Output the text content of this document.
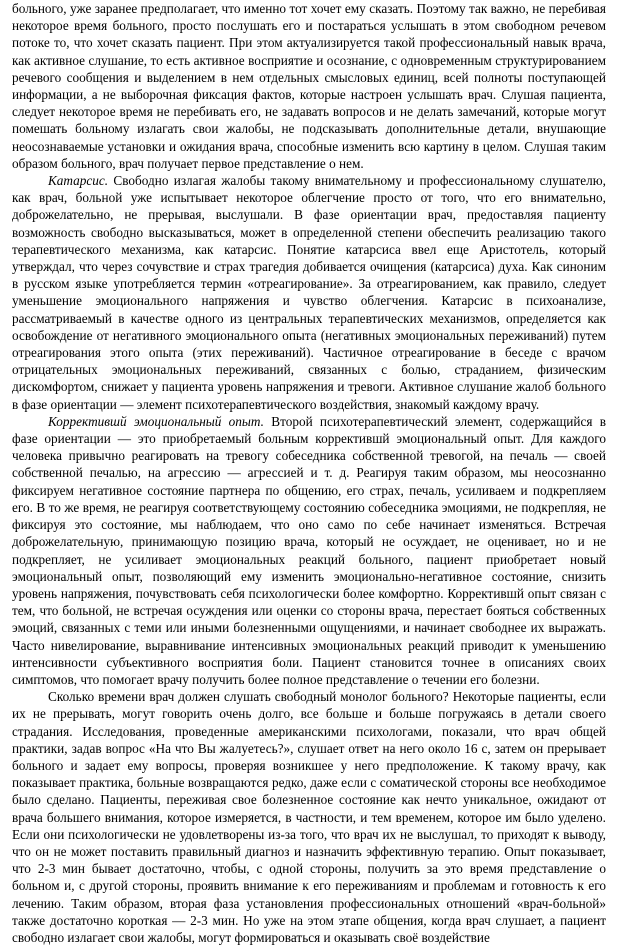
больного, уже заранее предполагает, что именно тот хочет ему сказать. Поэтому так важно, не перебивая некоторое время больного, просто послушать его и постараться услышать в этом свободном речевом потоке то, что хочет сказать пациент. При этом актуализируется такой профессиональный навык врача, как активное слушание, то есть активное восприятие и осознание, с одновременным структурированием речевого сообщения и выделением в нем отдельных смысловых единиц, всей полноты поступающей информации, а не выборочная фиксация фактов, которые настроен услышать врач. Слушая пациента, следует некоторое время не перебивать его, не задавать вопросов и не делать замечаний, которые могут помешать больному излагать свои жалобы, не подсказывать дополнительные детали, внушающие неосознаваемые установки и ожидания врача, способные изменить всю картину в целом. Слушая таким образом больного, врач получает первое представление о нем.

Катарсис. Свободно излагая жалобы такому внимательному и профессиональному слушателю, как врач, больной уже испытывает некоторое облегчение просто от того, что его внимательно, доброжелательно, не прерывая, выслушали. В фазе ориентации врач, предоставляя пациенту возможность свободно высказываться, может в определенной степени обеспечить реализацию такого терапевтического механизма, как катарсис. Понятие катарсиса ввел еще Аристотель, который утверждал, что через сочувствие и страх трагедия добивается очищения (катарсиса) духа. Как синоним в русском языке употребляется термин «отреагирование». За отреагированием, как правило, следует уменьшение эмоционального напряжения и чувство облегчения. Катарсис в психоанализе, рассматриваемый в качестве одного из центральных терапевтических механизмов, определяется как освобождение от негативного эмоционального опыта (негативных эмоциональных переживаний) путем отреагирования этого опыта (этих переживаний). Частичное отреагирование в беседе с врачом отрицательных эмоциональных переживаний, связанных с болью, страданием, физическим дискомфортом, снижает у пациента уровень напряжения и тревоги. Активное слушание жалоб больного в фазе ориентации — элемент психотерапевтического воздействия, знакомый каждому врачу.

Корректившй эмоциональный опыт. Второй психотерапевтический элемент, содержащийся в фазе ориентации — это приобретаемый больным корректившй эмоциональный опыт. Для каждого человека привычно реагировать на тревогу собеседника собственной тревогой, на печаль — своей собственной печалью, на агрессию — агрессией и т. д. Реагируя таким образом, мы неосознанно фиксируем негативное состояние партнера по общению, его страх, печаль, усиливаем и подкрепляем его. В то же время, не реагируя соответствующему состоянию собеседника эмоциями, не подкрепляя, не фиксируя это состояние, мы наблюдаем, что оно само по себе начинает изменяться. Встречая доброжелательную, принимающую позицию врача, который не осуждает, не оценивает, но и не подкрепляет, не усиливает эмоциональных реакций больного, пациент приобретает новый эмоциональный опыт, позволяющий ему изменить эмоционально-негативное состояние, снизить уровень напряжения, почувствовать себя психологически более комфортно. Корректившй опыт связан с тем, что больной, не встречая осуждения или оценки со стороны врача, перестает бояться собственных эмоций, связанных с теми или иными болезненными ощущениями, и начинает свободнее их выражать. Часто нивелирование, выравнивание интенсивных эмоциональных реакций приводит к уменьшению интенсивности субъективного восприятия боли. Пациент становится точнее в описаниях своих симптомов, что помогает врачу получить более полное представление о течении его болезни.

Сколько времени врач должен слушать свободный монолог больного? Некоторые пациенты, если их не прерывать, могут говорить очень долго, все больше и больше погружаясь в детали своего страдания. Исследования, проведенные американскими психологами, показали, что врач общей практики, задав вопрос «На что Вы жалуетесь?», слушает ответ на него около 16 с, затем он прерывает больного и задает ему вопросы, проверяя возникшее у него предположение. К такому врачу, как показывает практика, больные возвращаются редко, даже если с соматической стороны все необходимое было сделано. Пациенты, переживая свое болезненное состояние как нечто уникальное, ожидают от врача большего внимания, которое измеряется, в частности, и тем временем, которое им было уделено. Если они психологически не удовлетворены из-за того, что врач их не выслушал, то приходят к выводу, что он не может поставить правильный диагноз и назначить эффективную терапию. Опыт показывает, что 2-3 мин бывает достаточно, чтобы, с одной стороны, получить за это время представление о больном и, с другой стороны, проявить внимание к его переживаниям и проблемам и готовность к его лечению. Таким образом, вторая фаза установления профессиональных отношений «врач-больной» также достаточно короткая — 2-3 мин. Но уже на этом этапе общения, когда врач слушает, а пациент свободно излагает свои жалобы, могут формироваться и оказывать своё воздействие
